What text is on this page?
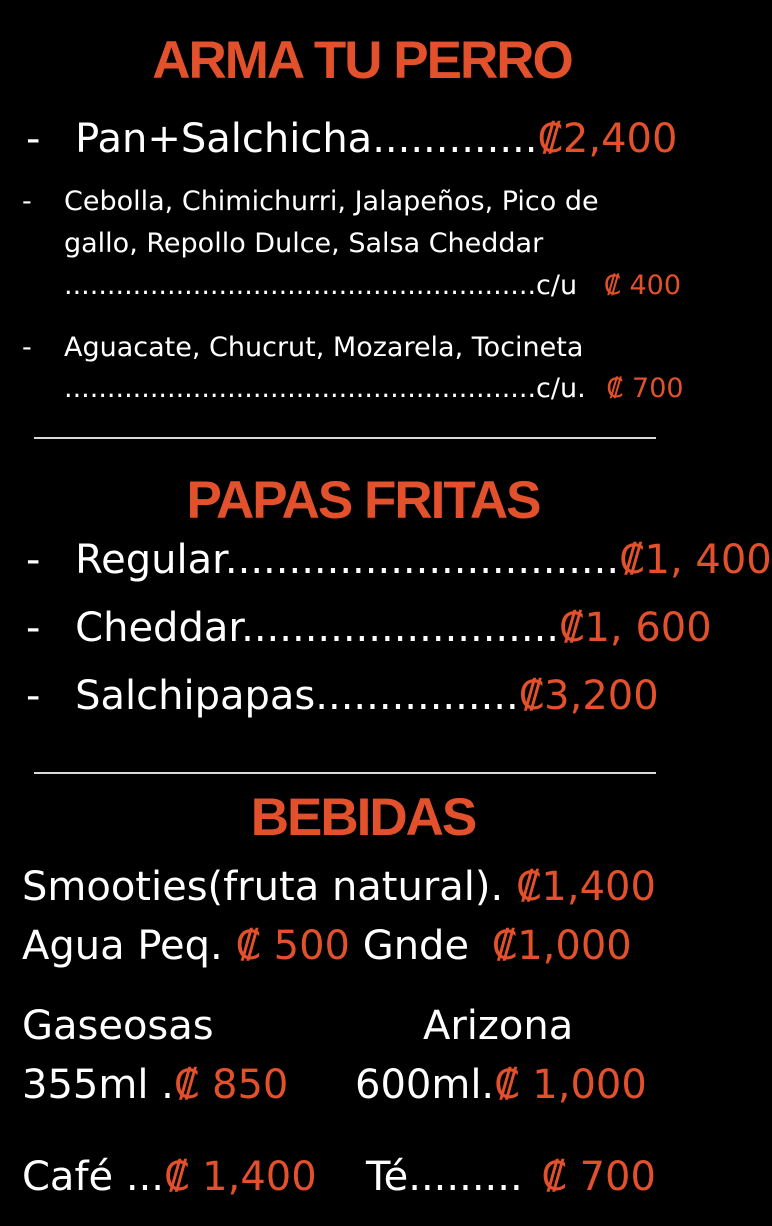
ARMA TU PERRO
- Pan+Salchicha.............₡2,400
- Cebolla, Chimichurri, Jalapeños, Pico de
gallo, Repollo Dulce, Salsa Cheddar
.......................................................c/u ₡ 400
- Aguacate, Chucrut, Mozarela, Tocineta
.......................................................c/u. ₡ 700
PAPAS FRITAS
- Regular...............................₡1, 400
- Cheddar.........................₡1, 600
- Salchipapas................₡3,200
BEBIDAS
Smooties(fruta natural). ₡1,400
Agua Peq. ₡ 500 Gnde ₡1,000
Gaseosas
355ml .₡ 850
Arizona
600ml.₡ 1,000
Café ...₡ 1,400 Té......... ₡ 700
